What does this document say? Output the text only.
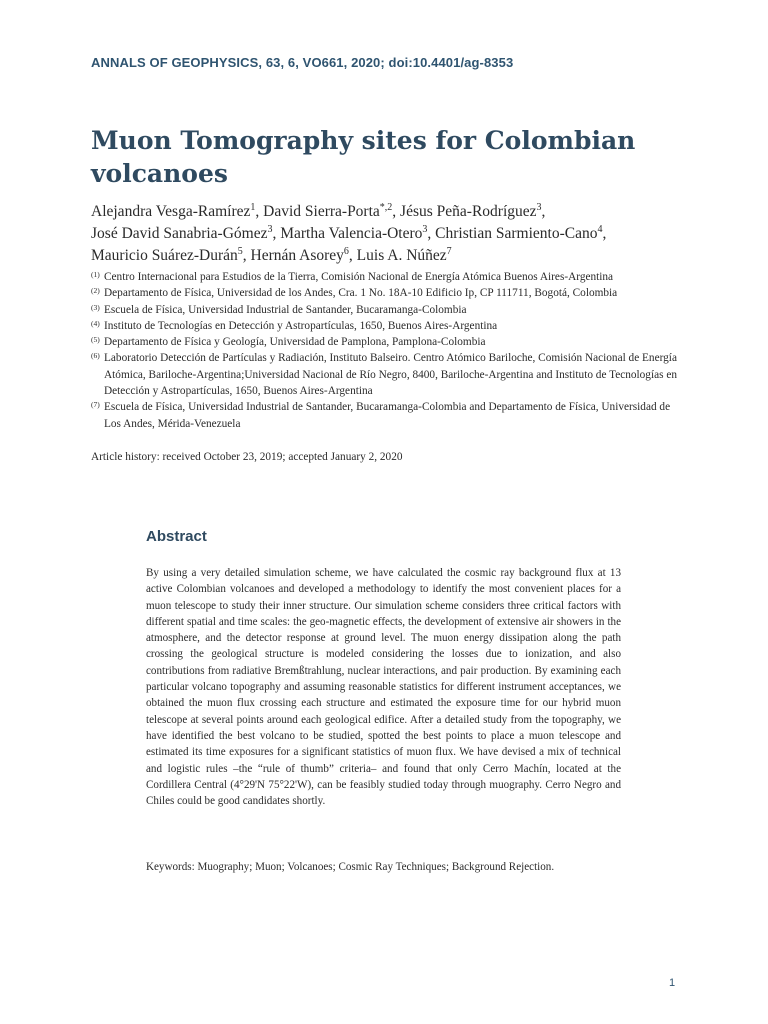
ANNALS OF GEOPHYSICS, 63, 6, VO661, 2020; doi:10.4401/ag-8353
Muon Tomography sites for Colombian volcanoes
Alejandra Vesga-Ramírez$^1$, David Sierra-Porta$^{*,2}$, Jésus Peña-Rodríguez$^3$,
José David Sanabria-Gómez$^3$, Martha Valencia-Otero$^3$, Christian Sarmiento-Cano$^4$,
Mauricio Suárez-Durán$^5$, Hernán Asorey$^6$, Luis A. Núñez$^7$
(1) Centro Internacional para Estudios de la Tierra, Comisión Nacional de Energía Atómica Buenos Aires-Argentina
(2) Departamento de Física, Universidad de los Andes, Cra. 1 No. 18A-10 Edificio Ip, CP 111711, Bogotá, Colombia
(3) Escuela de Física, Universidad Industrial de Santander, Bucaramanga-Colombia
(4) Instituto de Tecnologías en Detección y Astropartículas, 1650, Buenos Aires-Argentina
(5) Departamento de Física y Geología, Universidad de Pamplona, Pamplona-Colombia
(6) Laboratorio Detección de Partículas y Radiación, Instituto Balseiro. Centro Atómico Bariloche, Comisión Nacional de Energía Atómica, Bariloche-Argentina;Universidad Nacional de Río Negro, 8400, Bariloche-Argentina and Instituto de Tecnologías en Detección y Astropartículas, 1650, Buenos Aires-Argentina
(7) Escuela de Física, Universidad Industrial de Santander, Bucaramanga-Colombia and Departamento de Física, Universidad de Los Andes, Mérida-Venezuela
Article history: received October 23, 2019; accepted January 2, 2020
Abstract
By using a very detailed simulation scheme, we have calculated the cosmic ray background flux at 13 active Colombian volcanoes and developed a methodology to identify the most convenient places for a muon telescope to study their inner structure. Our simulation scheme considers three critical factors with different spatial and time scales: the geo-magnetic effects, the development of extensive air showers in the atmosphere, and the detector response at ground level. The muon energy dissipation along the path crossing the geological structure is modeled considering the losses due to ionization, and also contributions from radiative Bremßtrahlung, nuclear interactions, and pair production. By examining each particular volcano topography and assuming reasonable statistics for different instrument acceptances, we obtained the muon flux crossing each structure and estimated the exposure time for our hybrid muon telescope at several points around each geological edifice. After a detailed study from the topography, we have identified the best volcano to be studied, spotted the best points to place a muon telescope and estimated its time exposures for a significant statistics of muon flux. We have devised a mix of technical and logistic rules –the “rule of thumb” criteria– and found that only Cerro Machín, located at the Cordillera Central (4°29'N 75°22'W), can be feasibly studied today through muography. Cerro Negro and Chiles could be good candidates shortly.
Keywords: Muography; Muon; Volcanoes; Cosmic Ray Techniques; Background Rejection.
1
